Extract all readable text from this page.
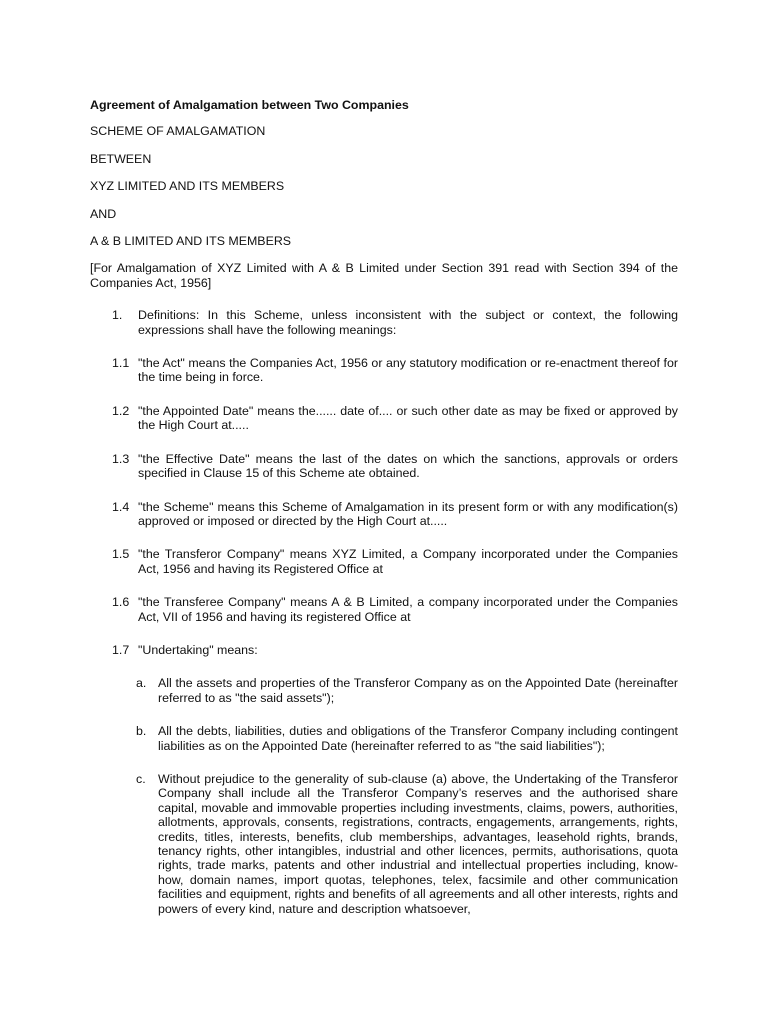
Agreement of Amalgamation between Two Companies
SCHEME OF AMALGAMATION
BETWEEN
XYZ LIMITED AND ITS MEMBERS
AND
A & B LIMITED AND ITS MEMBERS
[For Amalgamation of XYZ Limited with A & B Limited under Section 391 read with Section 394 of the Companies Act, 1956]
1. Definitions: In this Scheme, unless inconsistent with the subject or context, the following expressions shall have the following meanings:
1.1 "the Act" means the Companies Act, 1956 or any statutory modification or re-enactment thereof for the time being in force.
1.2 "the Appointed Date" means the...... date of.... or such other date as may be fixed or approved by the High Court at.....
1.3 "the Effective Date" means the last of the dates on which the sanctions, approvals or orders specified in Clause 15 of this Scheme ate obtained.
1.4 "the Scheme" means this Scheme of Amalgamation in its present form or with any modification(s) approved or imposed or directed by the High Court at.....
1.5 "the Transferor Company" means XYZ Limited, a Company incorporated under the Companies Act, 1956 and having its Registered Office at
1.6 "the Transferee Company" means A & B Limited, a company incorporated under the Companies Act, VII of 1956 and having its registered Office at
1.7 "Undertaking" means:
a. All the assets and properties of the Transferor Company as on the Appointed Date (hereinafter referred to as "the said assets");
b. All the debts, liabilities, duties and obligations of the Transferor Company including contingent liabilities as on the Appointed Date (hereinafter referred to as "the said liabilities");
c. Without prejudice to the generality of sub-clause (a) above, the Undertaking of the Transferor Company shall include all the Transferor Company’s reserves and the authorised share capital, movable and immovable properties including investments, claims, powers, authorities, allotments, approvals, consents, registrations, contracts, engagements, arrangements, rights, credits, titles, interests, benefits, club memberships, advantages, leasehold rights, brands, tenancy rights, other intangibles, industrial and other licences, permits, authorisations, quota rights, trade marks, patents and other industrial and intellectual properties including, know-how, domain names, import quotas, telephones, telex, facsimile and other communication facilities and equipment, rights and benefits of all agreements and all other interests, rights and powers of every kind, nature and description whatsoever,
